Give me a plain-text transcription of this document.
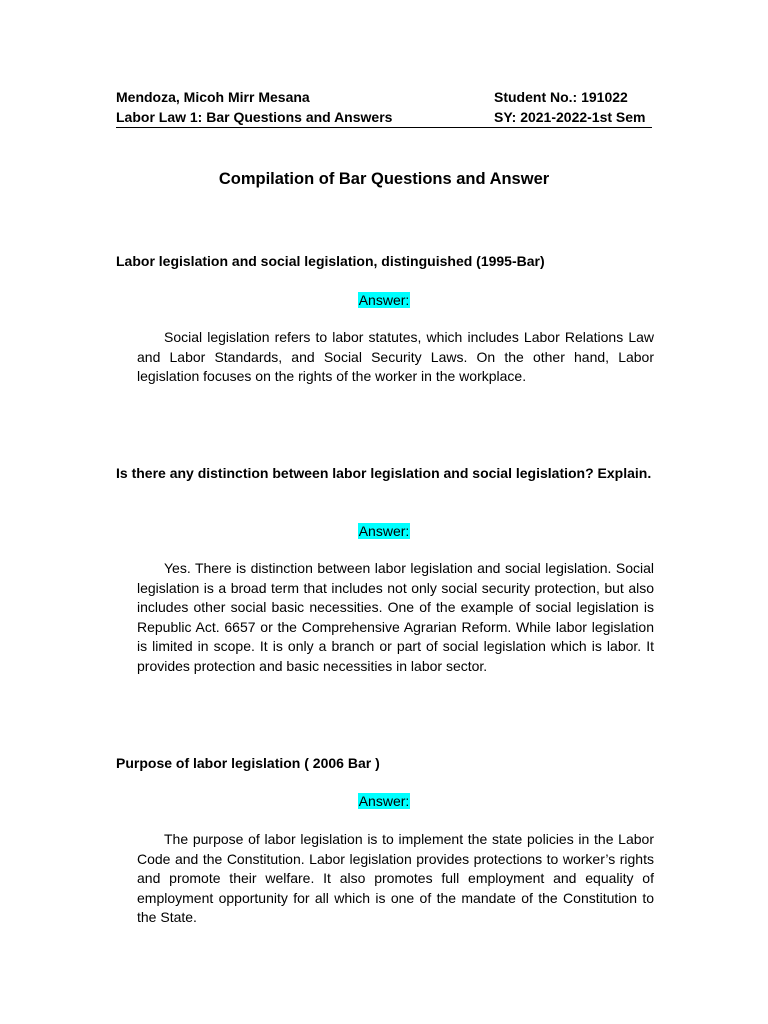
Mendoza, Micoh Mirr Mesana	Student No.: 191022
Labor Law 1: Bar Questions and Answers	SY: 2021-2022-1st Sem
Compilation of Bar Questions and Answer
Labor legislation and social legislation, distinguished (1995-Bar)
Answer:
Social legislation refers to labor statutes, which includes Labor Relations Law and Labor Standards, and Social Security Laws. On the other hand, Labor legislation focuses on the rights of the worker in the workplace.
Is there any distinction between labor legislation and social legislation? Explain.
Answer:
Yes. There is distinction between labor legislation and social legislation. Social legislation is a broad term that includes not only social security protection, but also includes other social basic necessities. One of the example of social legislation is Republic Act. 6657 or the Comprehensive Agrarian Reform. While labor legislation is limited in scope. It is only a branch or part of social legislation which is labor. It provides protection and basic necessities in labor sector.
Purpose of labor legislation ( 2006 Bar )
Answer:
The purpose of labor legislation is to implement the state policies in the Labor Code and the Constitution. Labor legislation provides protections to worker’s rights and promote their welfare. It also promotes full employment and equality of employment opportunity for all which is one of the mandate of the Constitution to the State.
